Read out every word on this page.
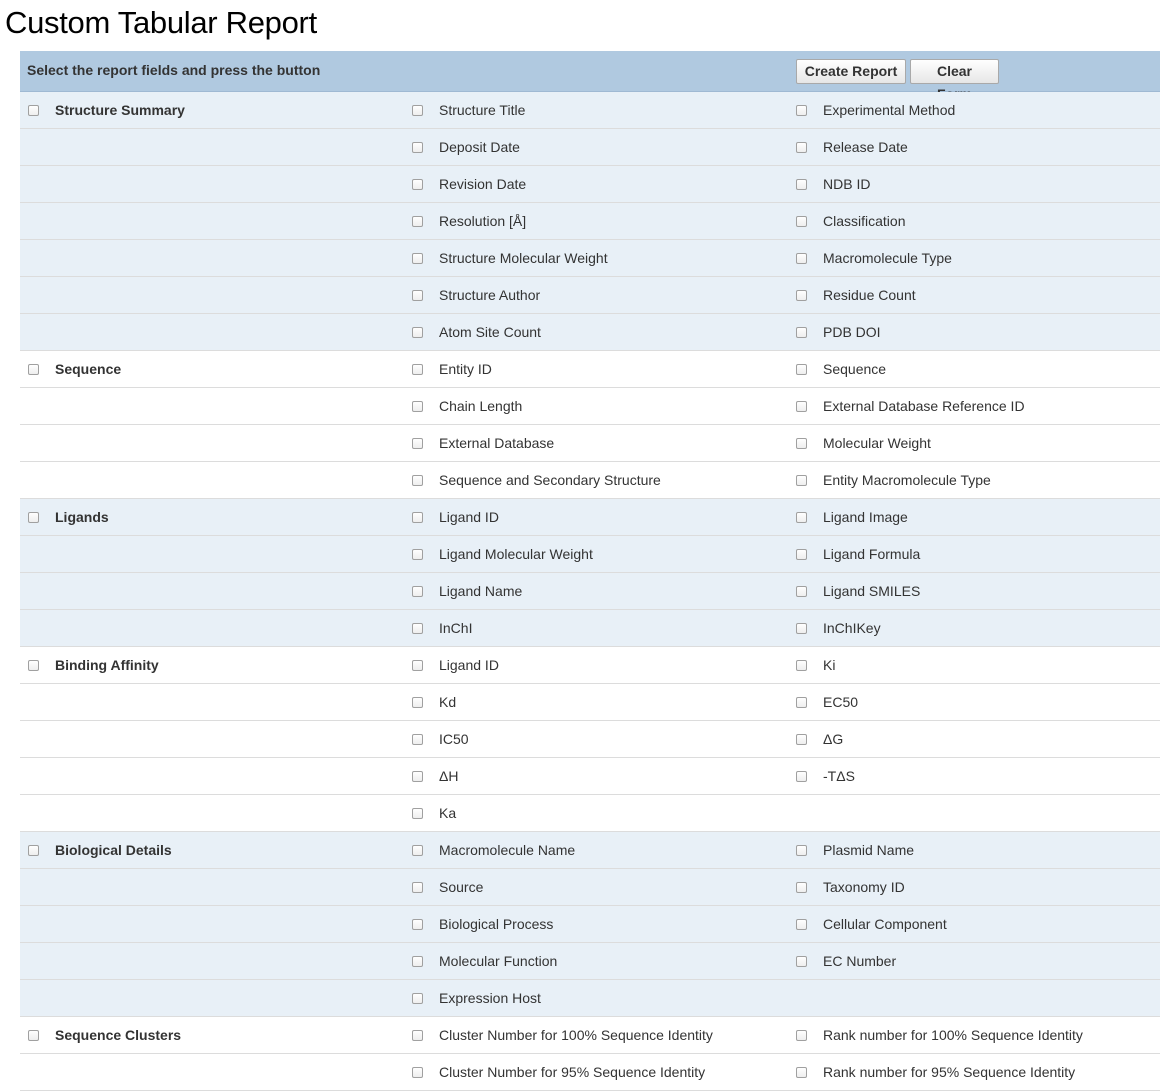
Custom Tabular Report
Select the report fields and press the button	Create Report	Clear
Structure Summary	Structure Title	Experimental Method
Deposit Date	Release Date
Revision Date	NDB ID
Resolution [Å]	Classification
Structure Molecular Weight	Macromolecule Type
Structure Author	Residue Count
Atom Site Count	PDB DOI
Sequence	Entity ID	Sequence
Chain Length	External Database Reference ID
External Database	Molecular Weight
Sequence and Secondary Structure	Entity Macromolecule Type
Ligands	Ligand ID	Ligand Image
Ligand Molecular Weight	Ligand Formula
Ligand Name	Ligand SMILES
InChI	InChIKey
Binding Affinity	Ligand ID	Ki
Kd	EC50
IC50	ΔG
ΔH	-TΔS
Ka
Biological Details	Macromolecule Name	Plasmid Name
Source	Taxonomy ID
Biological Process	Cellular Component
Molecular Function	EC Number
Expression Host
Sequence Clusters	Cluster Number for 100% Sequence Identity	Rank number for 100% Sequence Identity
Cluster Number for 95% Sequence Identity	Rank number for 95% Sequence Identity
